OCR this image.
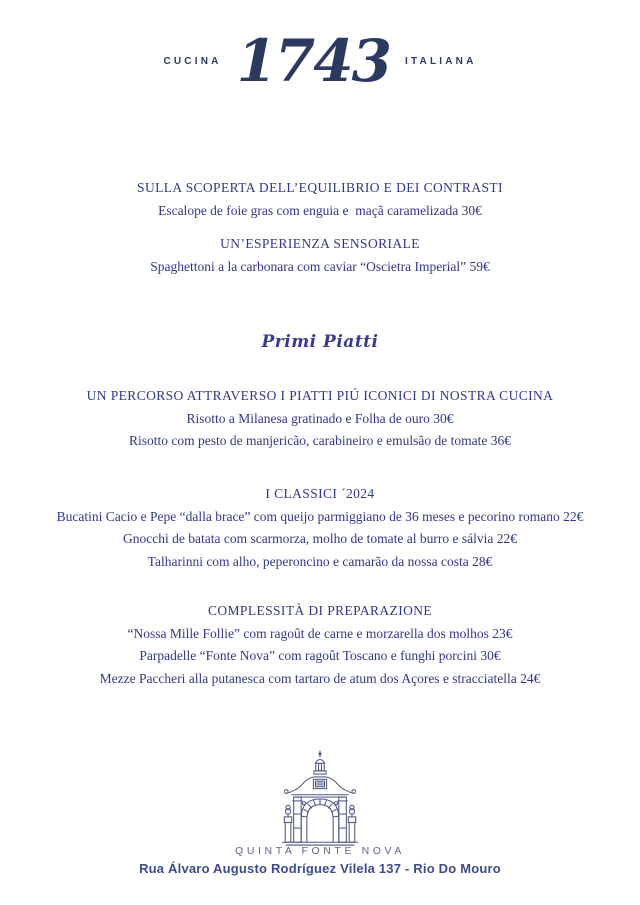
CUCINA 1743 ITALIANA
SULLA SCOPERTA DELL’EQUILIBRIO E DEI CONTRASTI
Escalope de foie gras com enguia e  maçã caramelizada 30€
UN’ESPERIENZA SENSORIALE
Spaghettoni a la carbonara com caviar “Oscietra Imperial” 59€
Primi Piatti
UN PERCORSO ATTRAVERSO I PIATTI PIÚ ICONICI DI NOSTRA CUCINA
Risotto a Milanesa gratinado e Folha de ouro 30€
Risotto com pesto de manjericão, carabineiro e emulsão de tomate 36€
I CLASSICI ´2024
Bucatini Cacio e Pepe “dalla brace” com queijo parmiggiano de 36 meses e pecorino romano 22€
Gnocchi de batata com scarmorza, molho de tomate al burro e sálvia 22€
Talharinni com alho, peperoncino e camarão da nossa costa 28€
COMPLESSITÀ DI PREPARAZIONE
“Nossa Mille Follie” com ragoût de carne e morzarella dos molhos 23€
Parpadelle “Fonte Nova” com ragoût Toscano e funghi porcini 30€
Mezze Paccheri alla putanesca com tartaro de atum dos Açores e stracciatella 24€
QUINTA FONTE NOVA
Rua Álvaro Augusto Rodríguez Vilela 137 - Rio Do Mouro
